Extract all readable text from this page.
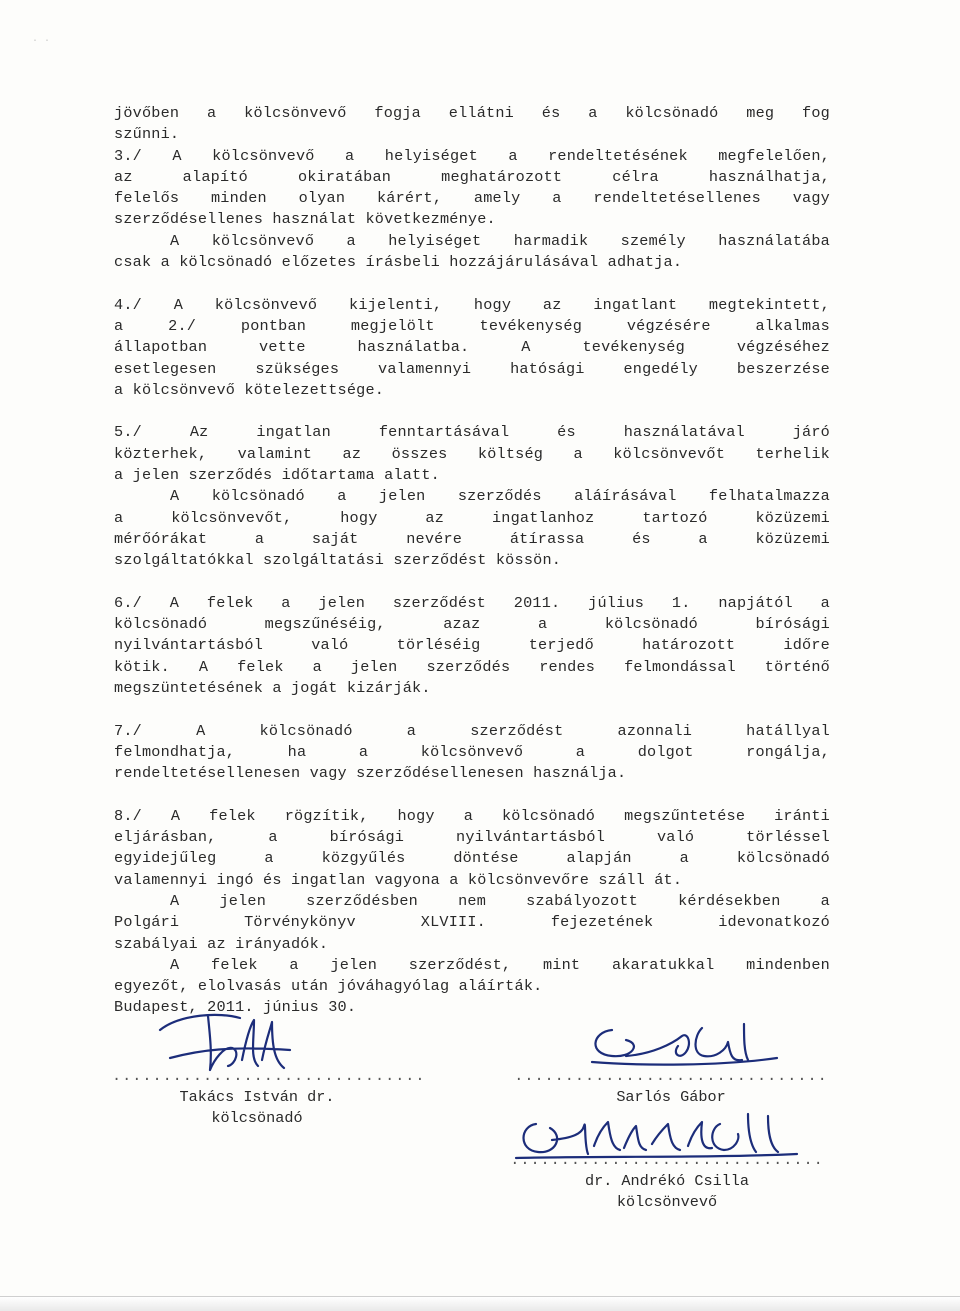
· ·
jövőben a kölcsönvevő fogja ellátni és a kölcsönadó meg fog
szűnni.
3./ A kölcsönvevő a helyiséget a rendeltetésének megfelelően,
az alapító okiratában meghatározott célra használhatja,
felelős minden olyan kárért, amely a rendeltetésellenes vagy
szerződésellenes használat következménye.
A kölcsönvevő a helyiséget harmadik személy használatába
csak a kölcsönadó előzetes írásbeli hozzájárulásával adhatja.
4./ A kölcsönvevő kijelenti, hogy az ingatlant megtekintett,
a 2./ pontban megjelölt tevékenység végzésére alkalmas
állapotban vette használatba. A tevékenység végzéséhez
esetlegesen szükséges valamennyi hatósági engedély beszerzése
a kölcsönvevő kötelezettsége.
5./ Az ingatlan fenntartásával és használatával járó
közterhek, valamint az összes költség a kölcsönvevőt terhelik
a jelen szerződés időtartama alatt.
A kölcsönadó a jelen szerződés aláírásával felhatalmazza
a kölcsönvevőt, hogy az ingatlanhoz tartozó közüzemi
mérőórákat a saját nevére átírassa és a közüzemi
szolgáltatókkal szolgáltatási szerződést kössön.
6./ A felek a jelen szerződést 2011. július 1. napjától a
kölcsönadó megszűnéséig, azaz a kölcsönadó bírósági
nyilvántartásból való törléséig terjedő határozott időre
kötik. A felek a jelen szerződés rendes felmondással történő
megszüntetésének a jogát kizárják.
7./ A kölcsönadó a szerződést azonnali hatállyal
felmondhatja, ha a kölcsönvevő a dolgot rongálja,
rendeltetésellenesen vagy szerződésellenesen használja.
8./ A felek rögzítik, hogy a kölcsönadó megszűntetése iránti
eljárásban, a bírósági nyilvántartásból való törléssel
egyidejűleg a közgyűlés döntése alapján a kölcsönadó
valamennyi ingó és ingatlan vagyona a kölcsönvevőre száll át.
A jelen szerződésben nem szabályozott kérdésekben a
Polgári Törvénykönyv XLVIII. fejezetének idevonatkozó
szabályai az irányadók.
A felek a jelen szerződést, mint akaratukkal mindenben
egyezőt, elolvasás után jóváhagyólag aláírták.
Budapest, 2011. június 30.
...............................
Takács István dr.
kölcsönadó
...............................
Sarlós Gábor
...............................
dr. Andrékó Csilla
kölcsönvevő
